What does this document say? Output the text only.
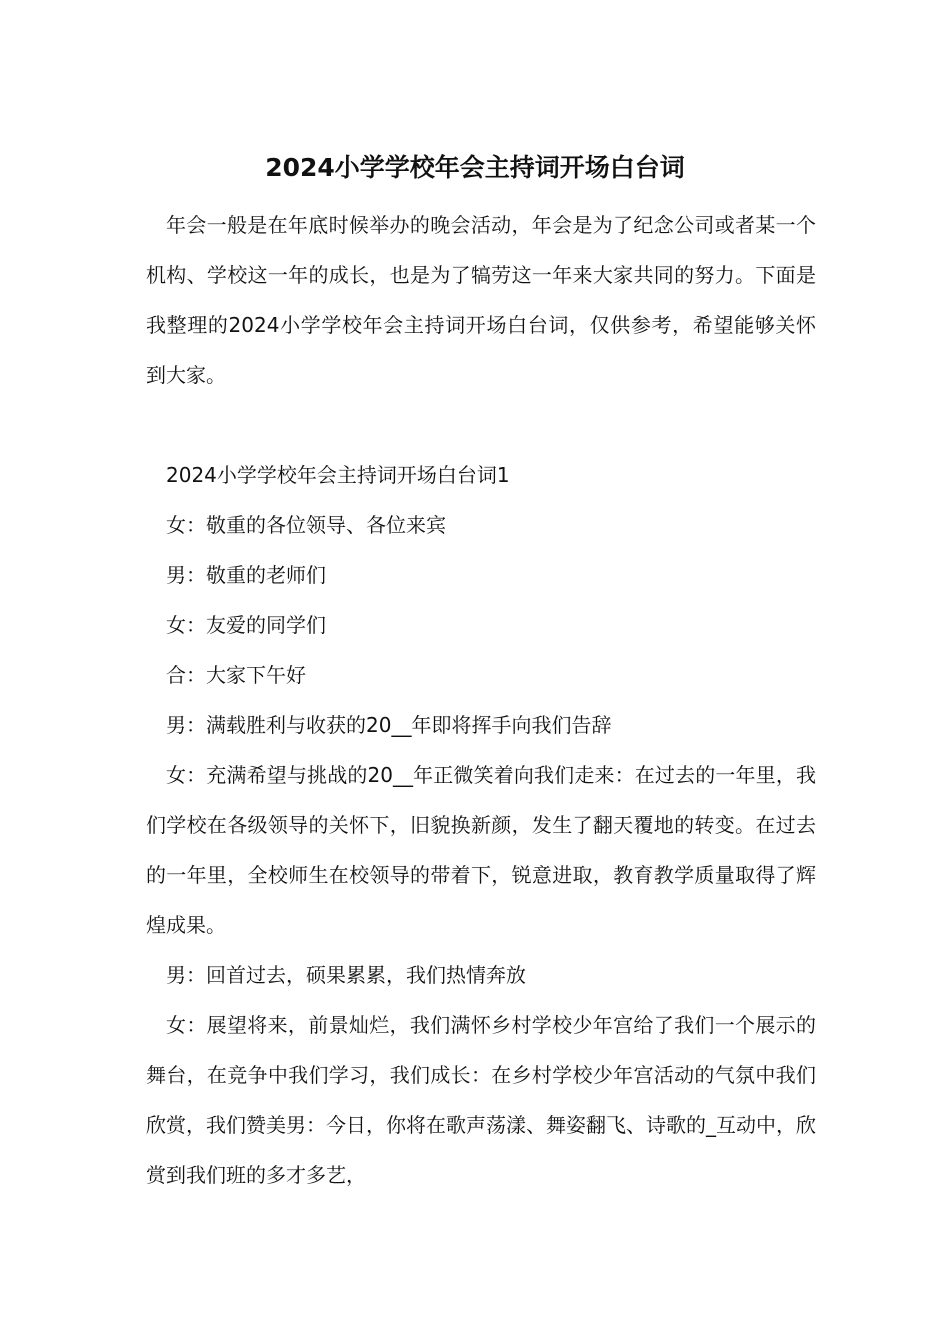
2024小学学校年会主持词开场白台词

年会一般是在年底时候举办的晚会活动，年会是为了纪念公司或者某一个机构、学校这一年的成长，也是为了犒劳这一年来大家共同的努力。下面是我整理的2024小学学校年会主持词开场白台词，仅供参考，希望能够关怀到大家。

2024小学学校年会主持词开场白台词1

女：敬重的各位领导、各位来宾

男：敬重的老师们

女：友爱的同学们

合：大家下午好

男：满载胜利与收获的20__年即将挥手向我们告辞

女：充满希望与挑战的20__年正微笑着向我们走来：在过去的一年里，我们学校在各级领导的关怀下，旧貌换新颜，发生了翻天覆地的转变。在过去的一年里，全校师生在校领导的带着下，锐意进取，教育教学质量取得了辉煌成果。

男：回首过去，硕果累累，我们热情奔放

女：展望将来，前景灿烂，我们满怀乡村学校少年宫给了我们一个展示的舞台，在竞争中我们学习，我们成长：在乡村学校少年宫活动的气氛中我们欣赏，我们赞美男：今日，你将在歌声荡漾、舞姿翻飞、诗歌的_互动中，欣赏到我们班的多才多艺，
